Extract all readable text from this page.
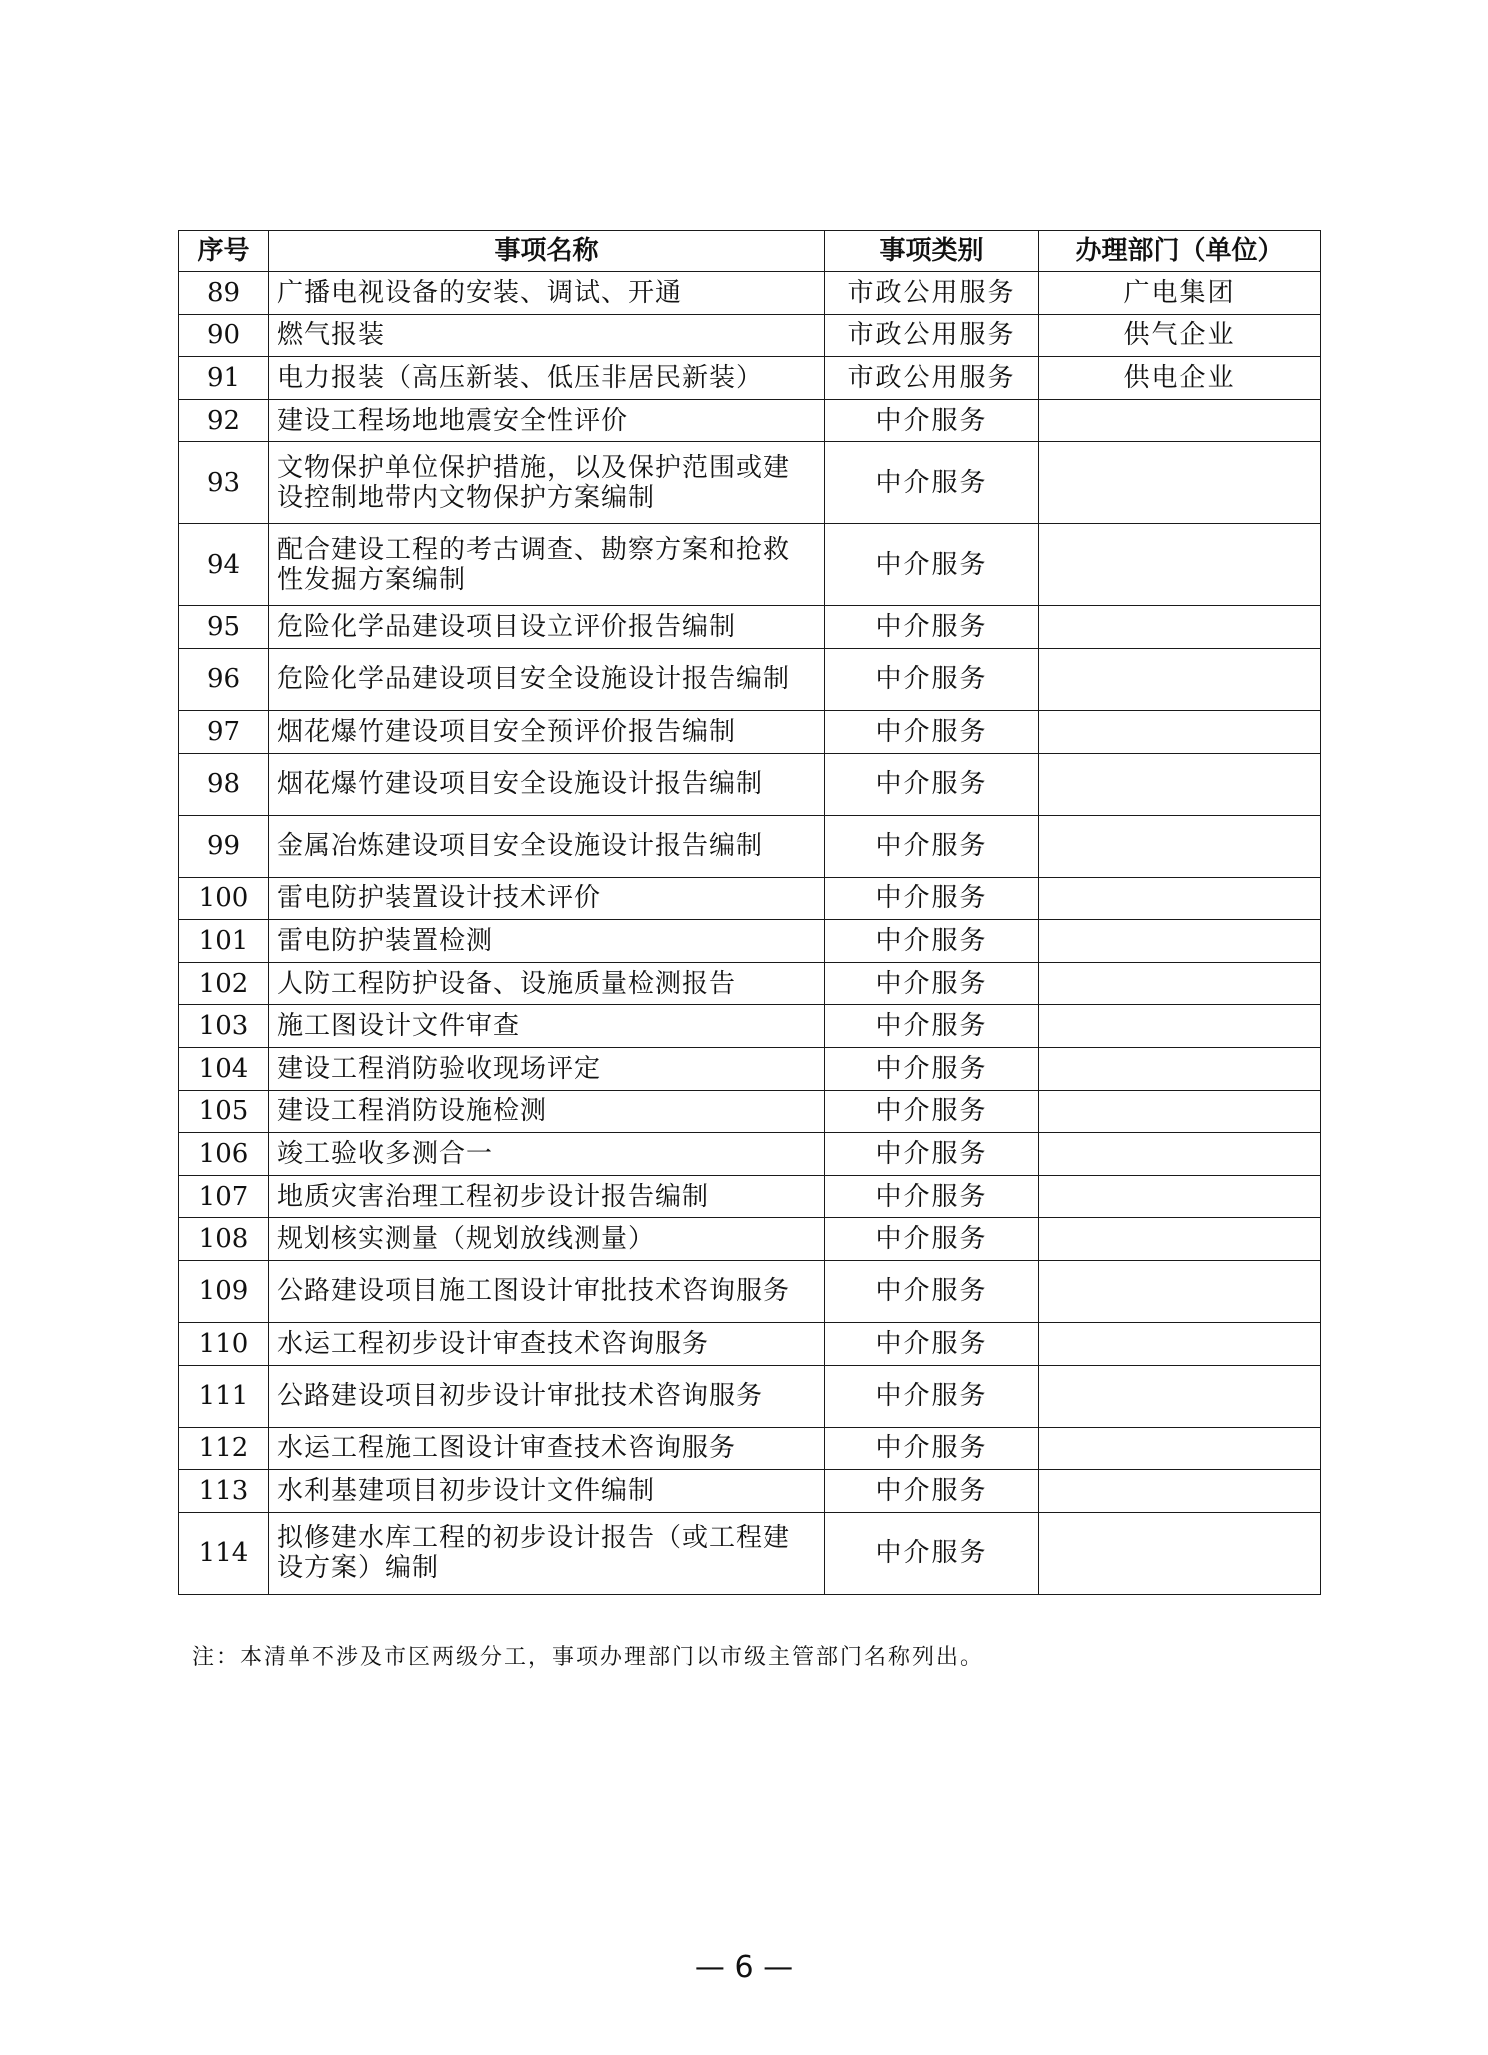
序号	事项名称	事项类别	办理部门（单位）
89	广播电视设备的安装、调试、开通	市政公用服务	广电集团
90	燃气报装	市政公用服务	供气企业
91	电力报装（高压新装、低压非居民新装）	市政公用服务	供电企业
92	建设工程场地地震安全性评价	中介服务	
93	文物保护单位保护措施，以及保护范围或建设控制地带内文物保护方案编制	中介服务	
94	配合建设工程的考古调查、勘察方案和抢救性发掘方案编制	中介服务	
95	危险化学品建设项目设立评价报告编制	中介服务	
96	危险化学品建设项目安全设施设计报告编制	中介服务	
97	烟花爆竹建设项目安全预评价报告编制	中介服务	
98	烟花爆竹建设项目安全设施设计报告编制	中介服务	
99	金属冶炼建设项目安全设施设计报告编制	中介服务	
100	雷电防护装置设计技术评价	中介服务	
101	雷电防护装置检测	中介服务	
102	人防工程防护设备、设施质量检测报告	中介服务	
103	施工图设计文件审查	中介服务	
104	建设工程消防验收现场评定	中介服务	
105	建设工程消防设施检测	中介服务	
106	竣工验收多测合一	中介服务	
107	地质灾害治理工程初步设计报告编制	中介服务	
108	规划核实测量（规划放线测量）	中介服务	
109	公路建设项目施工图设计审批技术咨询服务	中介服务	
110	水运工程初步设计审查技术咨询服务	中介服务	
111	公路建设项目初步设计审批技术咨询服务	中介服务	
112	水运工程施工图设计审查技术咨询服务	中介服务	
113	水利基建项目初步设计文件编制	中介服务	
114	拟修建水库工程的初步设计报告（或工程建设方案）编制	中介服务	
注：本清单不涉及市区两级分工，事项办理部门以市级主管部门名称列出。
— 6 —
